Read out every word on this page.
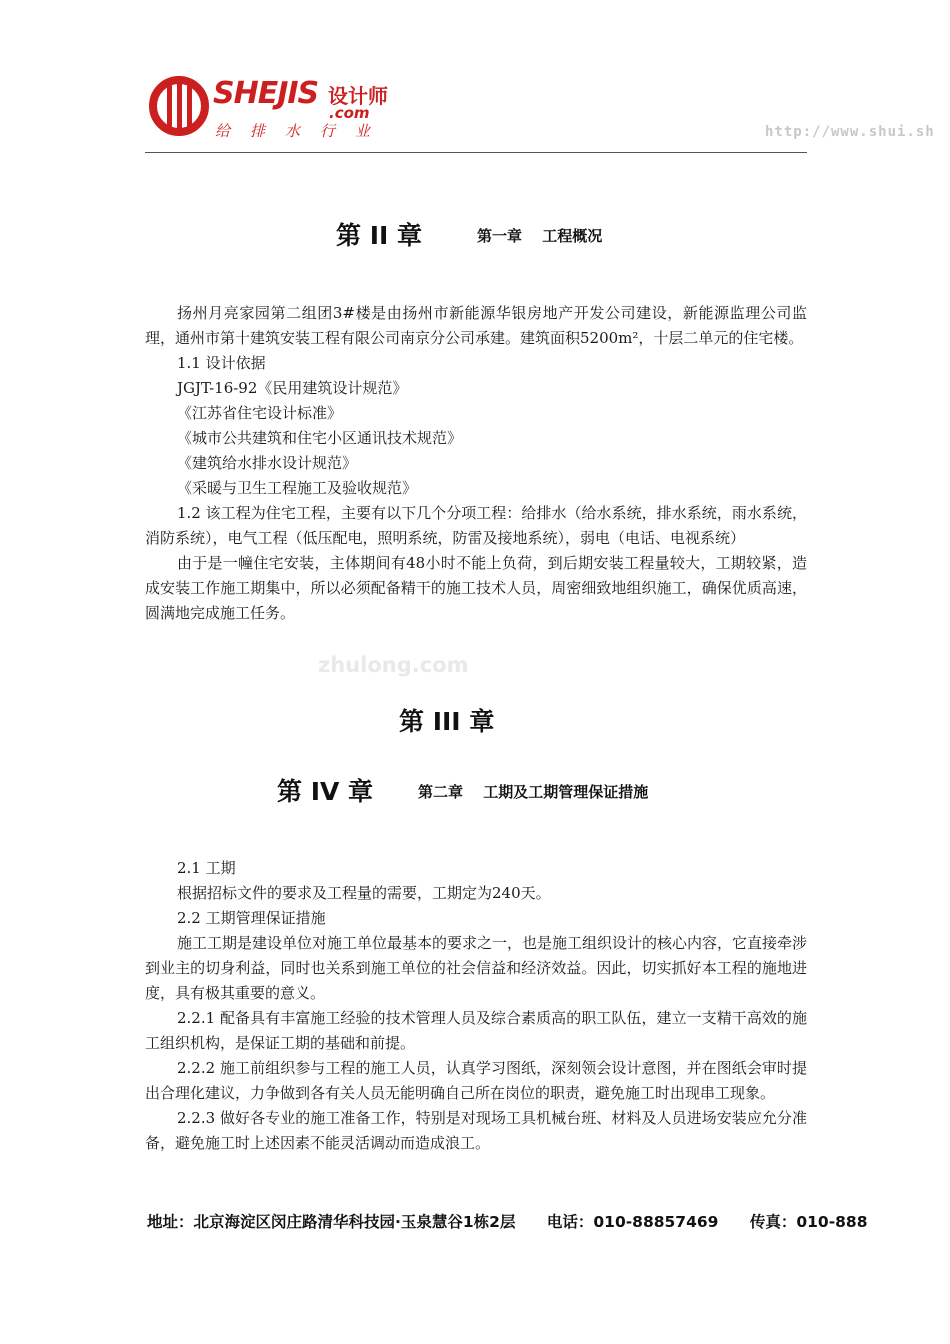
SHEJIS 设计师
.com
给排水行业	http://www.shui.sh
第 II 章	第一章　 工程概况

扬州月亮家园第二组团3#楼是由扬州市新能源华银房地产开发公司建设，新能源监理公司监理，通州市第十建筑安装工程有限公司南京分公司承建。建筑面积5200m²，十层二单元的住宅楼。

1.1 设计依据

JGJT-16-92《民用建筑设计规范》

《江苏省住宅设计标准》

《城市公共建筑和住宅小区通讯技术规范》

《建筑给水排水设计规范》

《采暖与卫生工程施工及验收规范》

1.2 该工程为住宅工程，主要有以下几个分项工程：给排水（给水系统，排水系统，雨水系统，消防系统），电气工程（低压配电，照明系统，防雷及接地系统），弱电（电话、电视系统）

由于是一幢住宅安装，主体期间有48小时不能上负荷，到后期安装工程量较大，工期较紧，造成安装工作施工期集中，所以必须配备精干的施工技术人员，周密细致地组织施工，确保优质高速，圆满地完成施工任务。

zhulong.com
第 III 章
第 IV 章	第二章　 工期及工期管理保证措施

2.1 工期

根据招标文件的要求及工程量的需要，工期定为240天。

2.2 工期管理保证措施

施工工期是建设单位对施工单位最基本的要求之一，也是施工组织设计的核心内容，它直接牵涉到业主的切身利益，同时也关系到施工单位的社会信益和经济效益。因此，切实抓好本工程的施地进度，具有极其重要的意义。

2.2.1 配备具有丰富施工经验的技术管理人员及综合素质高的职工队伍，建立一支精干高效的施工组织机构，是保证工期的基础和前提。

2.2.2 施工前组织参与工程的施工人员，认真学习图纸，深刻领会设计意图，并在图纸会审时提出合理化建议，力争做到各有关人员无能明确自己所在岗位的职责，避免施工时出现串工现象。

2.2.3 做好各专业的施工准备工作，特别是对现场工具机械台班、材料及人员进场安装应允分准备，避免施工时上述因素不能灵活调动而造成浪工。

地址：北京海淀区闵庄路清华科技园·玉泉慧谷1栋2层 电话：010-88857469 传真：010-888
